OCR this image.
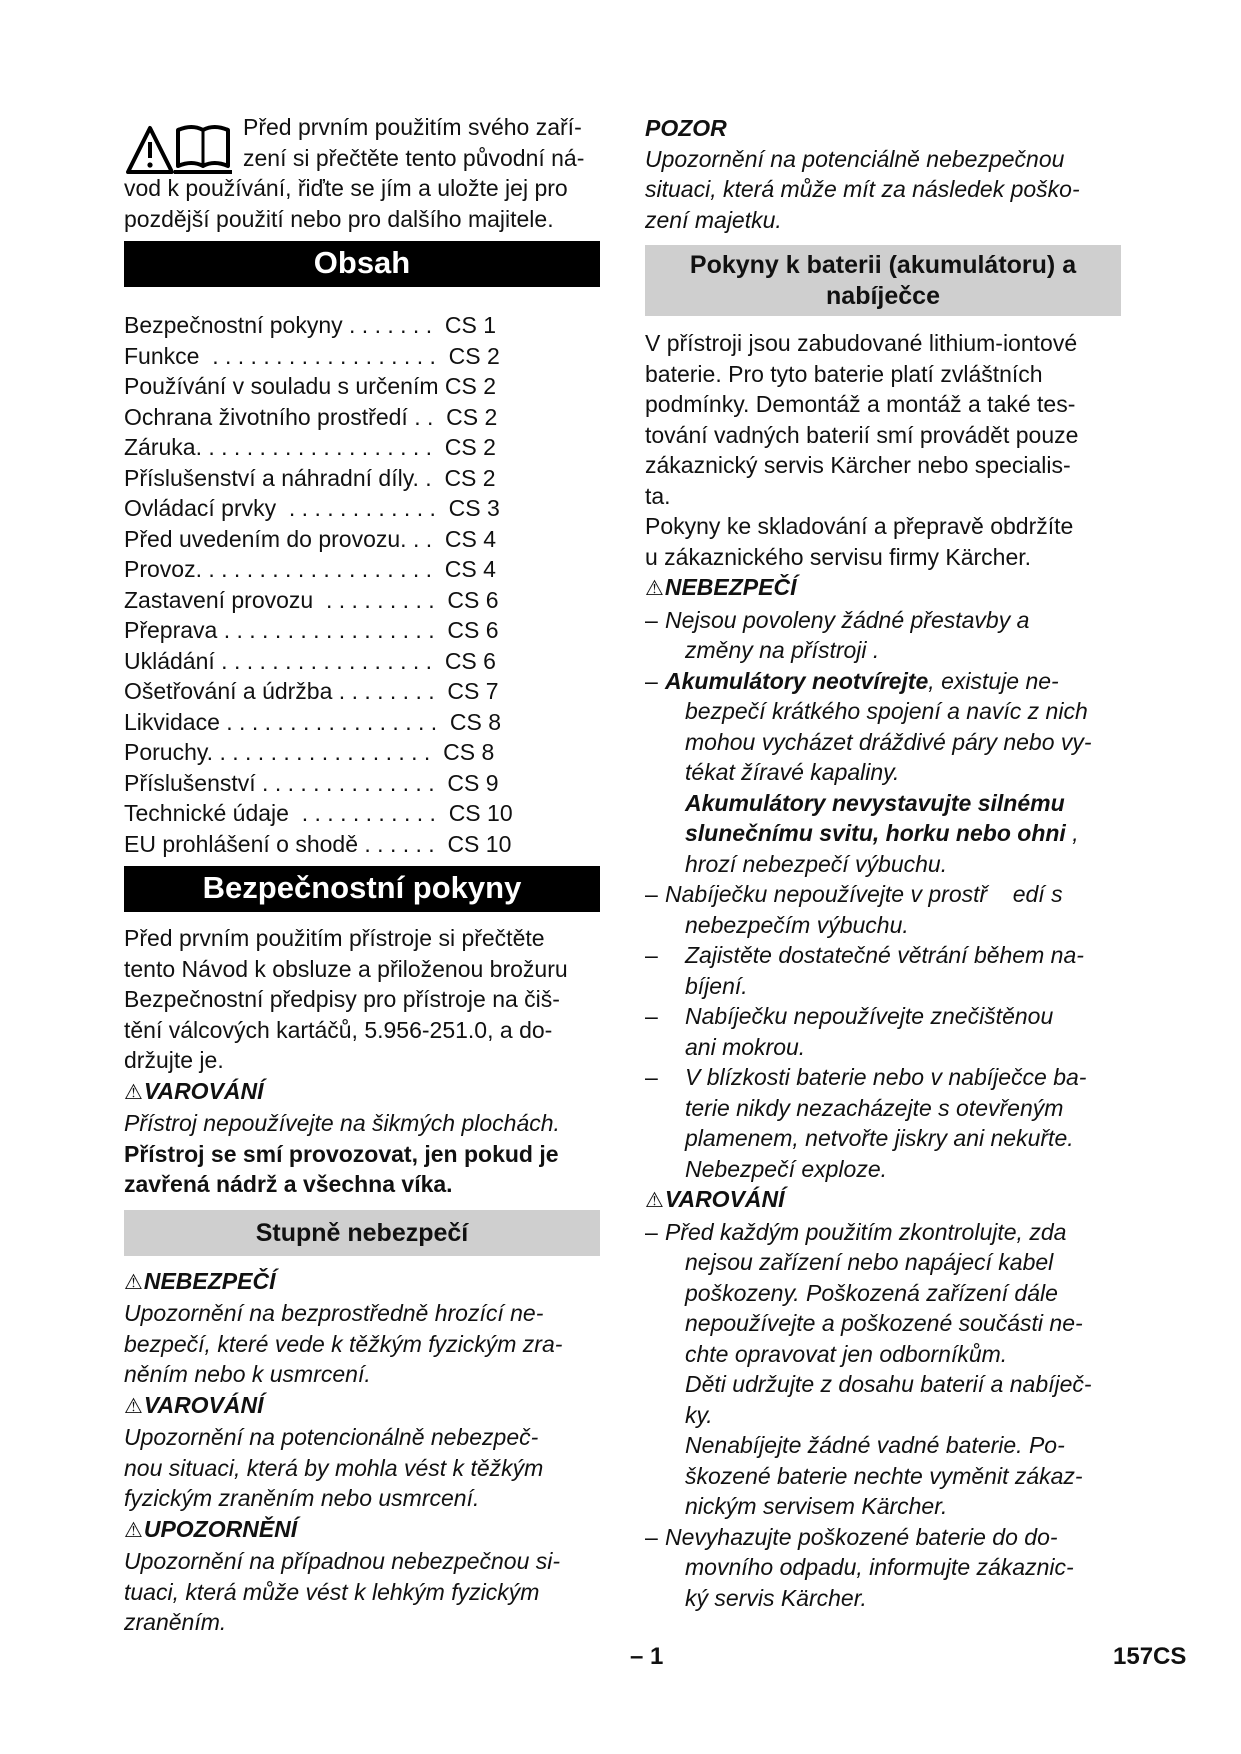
Před prvním použitím svého zaří-
zení si přečtěte tento původní ná-
vod k používání, řiďte se jím a uložte jej pro
pozdější použití nebo pro dalšího majitele.
Obsah
Bezpečnostní pokyny . . . . . . .  CS 1
Funkce  . . . . . . . . . . . . . . . . . .  CS 2
Používání v souladu s určením CS 2
Ochrana životního prostředí . .  CS 2
Záruka. . . . . . . . . . . . . . . . . . .  CS 2
Příslušenství a náhradní díly. .  CS 2
Ovládací prvky  . . . . . . . . . . . .  CS 3
Před uvedením do provozu. . .  CS 4
Provoz. . . . . . . . . . . . . . . . . . .  CS 4
Zastavení provozu  . . . . . . . . .  CS 6
Přeprava . . . . . . . . . . . . . . . . .  CS 6
Ukládání . . . . . . . . . . . . . . . . .  CS 6
Ošetřování a údržba . . . . . . . .  CS 7
Likvidace . . . . . . . . . . . . . . . . .  CS 8
Poruchy. . . . . . . . . . . . . . . . . .  CS 8
Příslušenství . . . . . . . . . . . . . .  CS 9
Technické údaje  . . . . . . . . . . .  CS 10
EU prohlášení o shodě . . . . . .  CS 10
Bezpečnostní pokyny
Před prvním použitím přístroje si přečtěte
tento Návod k obsluze a přiloženou brožuru
Bezpečnostní předpisy pro přístroje na čiš-
tění válcových kartáčů, 5.956-251.0, a do-
držujte je.
⚠VAROVÁNÍ
Přístroj nepoužívejte na šikmých plochách.
Přístroj se smí provozovat, jen pokud je
zavřená nádrž a všechna víka.
Stupně nebezpečí
⚠NEBEZPEČÍ
Upozornění na bezprostředně hrozící ne-
bezpečí, které vede k těžkým fyzickým zra-
něním nebo k usmrcení.
⚠VAROVÁNÍ
Upozornění na potencionálně nebezpeč-
nou situaci, která by mohla vést k těžkým
fyzickým zraněním nebo usmrcení.
⚠UPOZORNĚNÍ
Upozornění na případnou nebezpečnou si-
tuaci, která může vést k lehkým fyzickým
zraněním.
POZOR
Upozornění na potenciálně nebezpečnou
situaci, která může mít za následek poško-
zení majetku.
Pokyny k baterii (akumulátoru) a
nabíječce
V přístroji jsou zabudované lithium-iontové
baterie. Pro tyto baterie platí zvláštních
podmínky. Demontáž a montáž a také tes-
tování vadných baterií smí provádět pouze
zákaznický servis Kärcher nebo specialis-
ta.
Pokyny ke skladování a přepravě obdržíte
u zákaznického servisu firmy Kärcher.
⚠NEBEZPEČÍ
– Nejsou povoleny žádné přestavby a
změny na přístroji .
– Akumulátory neotvírejte, existuje ne-
bezpečí krátkého spojení a navíc z nich
mohou vycházet dráždivé páry nebo vy-
tékat žíravé kapaliny.
Akumulátory nevystavujte silnému
slunečnímu svitu, horku nebo ohni ,
hrozí nebezpečí výbuchu.
– Nabíječku nepoužívejte v prostř    edí s
nebezpečím výbuchu.
– Zajistěte dostatečné větrání během na-
bíjení.
– Nabíječku nepoužívejte znečištěnou
ani mokrou.
– V blízkosti baterie nebo v nabíječce ba-
terie nikdy nezacházejte s otevřeným
plamenem, netvořte jiskry ani nekuřte.
Nebezpečí exploze.
⚠VAROVÁNÍ
– Před každým použitím zkontrolujte, zda
nejsou zařízení nebo napájecí kabel
poškozeny. Poškozená zařízení dále
nepoužívejte a poškozené součásti ne-
chte opravovat jen odborníkům.
Děti udržujte z dosahu baterií a nabíječ-
ky.
Nenabíjejte žádné vadné baterie. Po-
škozené baterie nechte vyměnit zákaz-
nickým servisem Kärcher.
– Nevyhazujte poškozené baterie do do-
movního odpadu, informujte zákaznic-
ký servis Kärcher.
– 1	157CS
